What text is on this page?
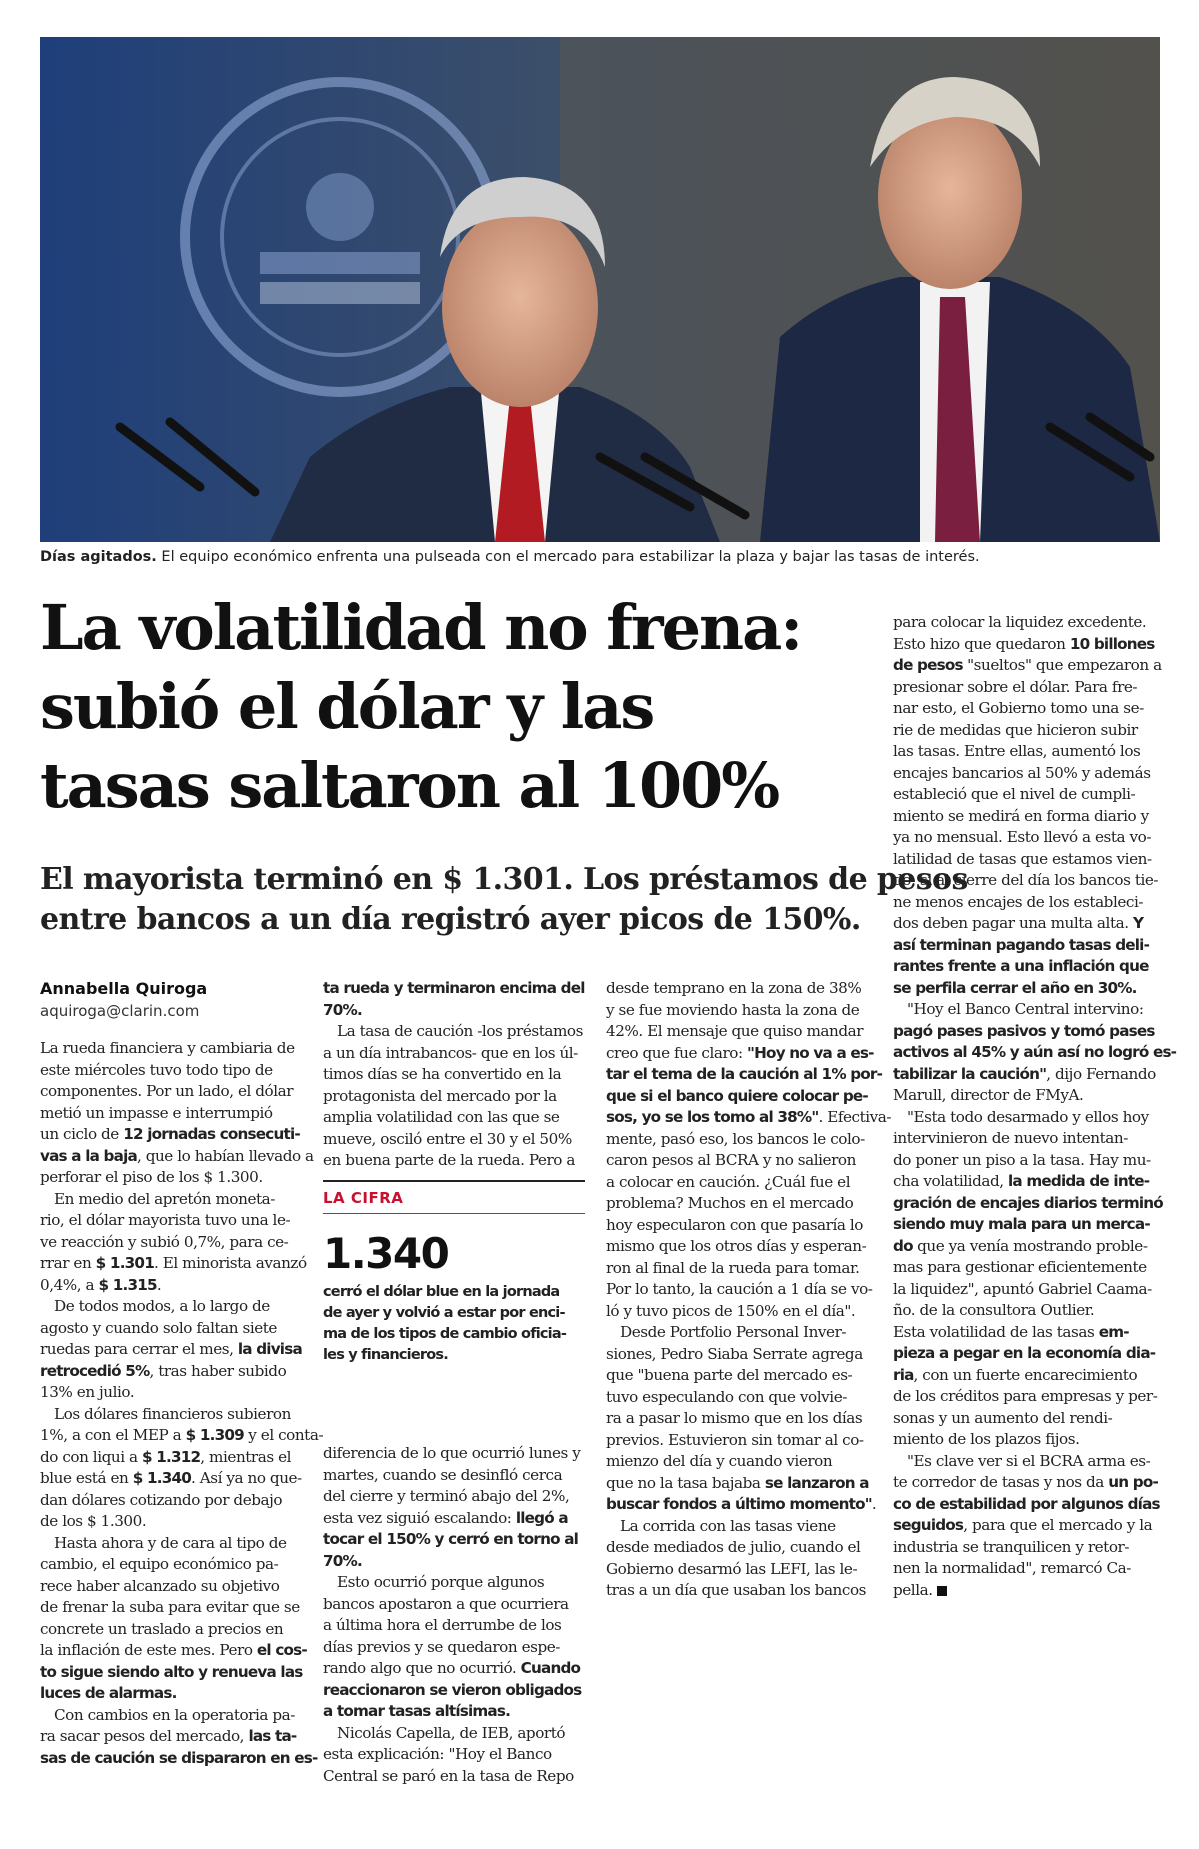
Días agitados. El equipo económico enfrenta una pulseada con el mercado para estabilizar la plaza y bajar las tasas de interés.
La volatilidad no frena:
subió el dólar y las
tasas saltaron al 100%
El mayorista terminó en $ 1.301. Los préstamos de pesos
entre bancos a un día registró ayer picos de 150%.
Annabella Quiroga
aquiroga@clarin.com
La rueda financiera y cambiaria de
este miércoles tuvo todo tipo de
componentes. Por un lado, el dólar
metió un impasse e interrumpió
un ciclo de 12 jornadas consecuti-
vas a la baja, que lo habían llevado a
perforar el piso de los $ 1.300.
En medio del apretón moneta-
rio, el dólar mayorista tuvo una le-
ve reacción y subió 0,7%, para ce-
rrar en $ 1.301. El minorista avanzó
0,4%, a $ 1.315.
De todos modos, a lo largo de
agosto y cuando solo faltan siete
ruedas para cerrar el mes, la divisa
retrocedió 5%, tras haber subido
13% en julio.
Los dólares financieros subieron
1%, a con el MEP a $ 1.309 y el conta-
do con liqui a $ 1.312, mientras el
blue está en $ 1.340. Así ya no que-
dan dólares cotizando por debajo
de los $ 1.300.
Hasta ahora y de cara al tipo de
cambio, el equipo económico pa-
rece haber alcanzado su objetivo
de frenar la suba para evitar que se
concrete un traslado a precios en
la inflación de este mes. Pero el cos-
to sigue siendo alto y renueva las
luces de alarmas.
Con cambios en la operatoria pa-
ra sacar pesos del mercado, las ta-
sas de caución se dispararon en es-
ta rueda y terminaron encima del
70%.
La tasa de caución -los préstamos
a un día intrabancos- que en los úl-
timos días se ha convertido en la
protagonista del mercado por la
amplia volatilidad con las que se
mueve, osciló entre el 30 y el 50%
en buena parte de la rueda. Pero a
LA CIFRA
1.340
cerró el dólar blue en la jornada
de ayer y volvió a estar por enci-
ma de los tipos de cambio oficia-
les y financieros.
diferencia de lo que ocurrió lunes y
martes, cuando se desinfló cerca
del cierre y terminó abajo del 2%,
esta vez siguió escalando: llegó a
tocar el 150% y cerró en torno al
70%.
Esto ocurrió porque algunos
bancos apostaron a que ocurriera
a última hora el derrumbe de los
días previos y se quedaron espe-
rando algo que no ocurrió. Cuando
reaccionaron se vieron obligados
a tomar tasas altísimas.
Nicolás Capella, de IEB, aportó
esta explicación: "Hoy el Banco
Central se paró en la tasa de Repo
desde temprano en la zona de 38%
y se fue moviendo hasta la zona de
42%. El mensaje que quiso mandar
creo que fue claro: "Hoy no va a es-
tar el tema de la caución al 1% por-
que si el banco quiere colocar pe-
sos, yo se los tomo al 38%". Efectiva-
mente, pasó eso, los bancos le colo-
caron pesos al BCRA y no salieron
a colocar en caución. ¿Cuál fue el
problema? Muchos en el mercado
hoy especularon con que pasaría lo
mismo que los otros días y esperan-
ron al final de la rueda para tomar.
Por lo tanto, la caución a 1 día se vo-
ló y tuvo picos de 150% en el día".
Desde Portfolio Personal Inver-
siones, Pedro Siaba Serrate agrega
que "buena parte del mercado es-
tuvo especulando con que volvie-
ra a pasar lo mismo que en los días
previos. Estuvieron sin tomar al co-
mienzo del día y cuando vieron
que no la tasa bajaba se lanzaron a
buscar fondos a último momento".
La corrida con las tasas viene
desde mediados de julio, cuando el
Gobierno desarmó las LEFI, las le-
tras a un día que usaban los bancos
para colocar la liquidez excedente.
Esto hizo que quedaron 10 billones
de pesos "sueltos" que empezaron a
presionar sobre el dólar. Para fre-
nar esto, el Gobierno tomo una se-
rie de medidas que hicieron subir
las tasas. Entre ellas, aumentó los
encajes bancarios al 50% y además
estableció que el nivel de cumpli-
miento se medirá en forma diario y
ya no mensual. Esto llevó a esta vo-
latilidad de tasas que estamos vien-
do: si al cierre del día los bancos tie-
ne menos encajes de los estableci-
dos deben pagar una multa alta. Y
así terminan pagando tasas deli-
rantes frente a una inflación que
se perfila cerrar el año en 30%.
"Hoy el Banco Central intervino:
pagó pases pasivos y tomó pases
activos al 45% y aún así no logró es-
tabilizar la caución", dijo Fernando
Marull, director de FMyA.
"Esta todo desarmado y ellos hoy
intervinieron de nuevo intentan-
do poner un piso a la tasa. Hay mu-
cha volatilidad, la medida de inte-
gración de encajes diarios terminó
siendo muy mala para un merca-
do que ya venía mostrando proble-
mas para gestionar eficientemente
la liquidez", apuntó Gabriel Caama-
ño. de la consultora Outlier.
Esta volatilidad de las tasas em-
pieza a pegar en la economía dia-
ria, con un fuerte encarecimiento
de los créditos para empresas y per-
sonas y un aumento del rendi-
miento de los plazos fijos.
"Es clave ver si el BCRA arma es-
te corredor de tasas y nos da un po-
co de estabilidad por algunos días
seguidos, para que el mercado y la
industria se tranquilicen y retor-
nen la normalidad", remarcó Ca-
pella.
